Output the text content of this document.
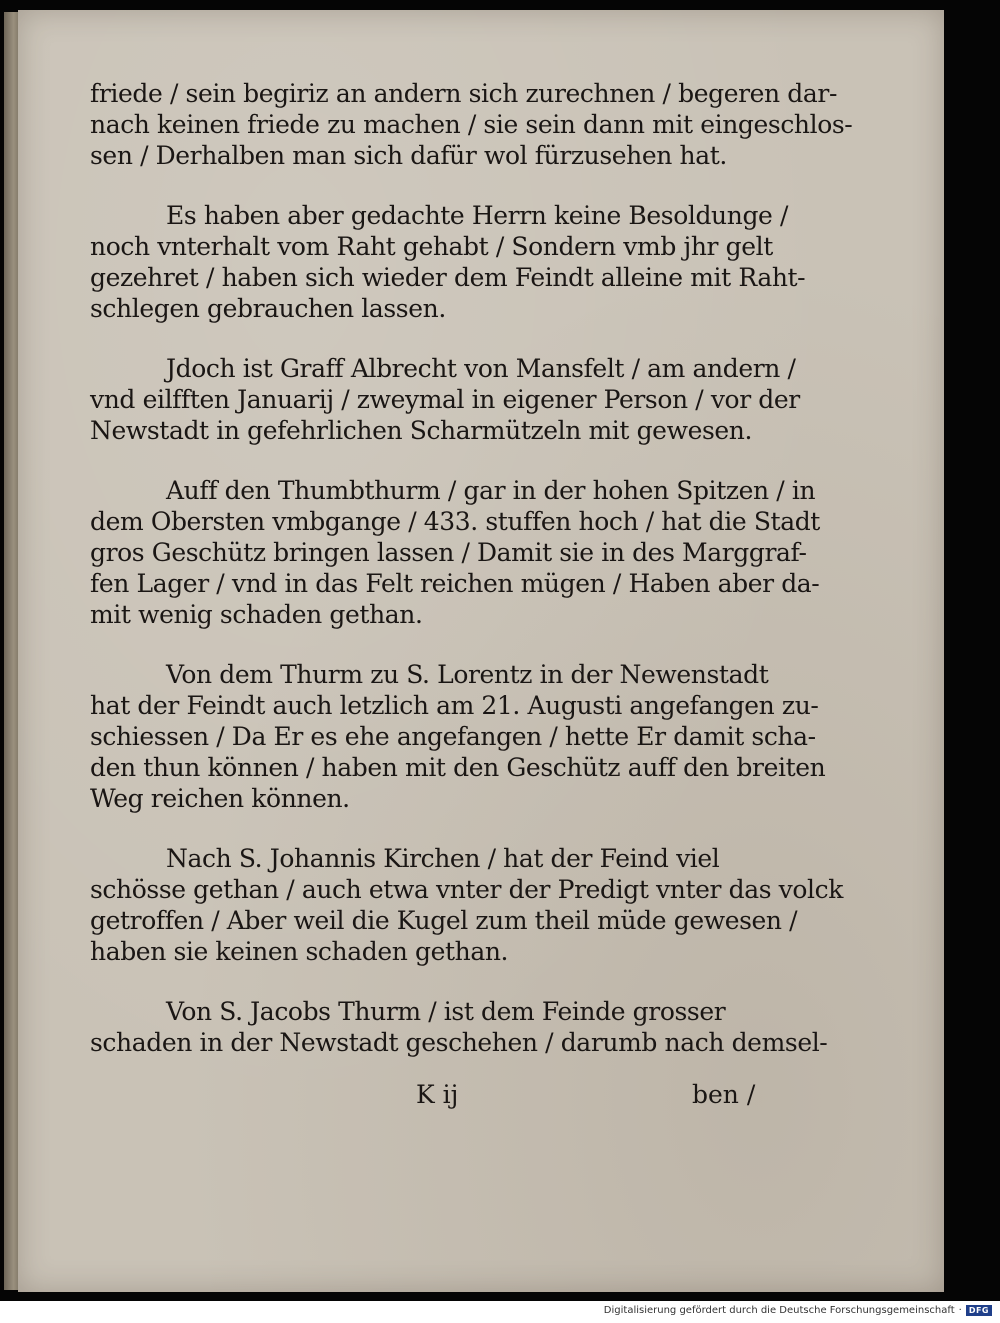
friede / sein begiriz an andern sich zurechnen / begeren dar-
nach keinen friede zu machen / sie sein dann mit eingeschlos-
sen / Derhalben man sich dafür wol fürzusehen hat.
Es haben aber gedachte Herrn keine Besoldunge /
noch vnterhalt vom Raht gehabt / Sondern vmb jhr gelt
gezehret / haben sich wieder dem Feindt alleine mit Raht-
schlegen gebrauchen lassen.
Jdoch ist Graff Albrecht von Mansfelt / am andern /
vnd eilfften Januarij / zweymal in eigener Person / vor der
Newstadt in gefehrlichen Scharmützeln mit gewesen.
Auff den Thumbthurm / gar in der hohen Spitzen / in
dem Obersten vmbgange / 433. stuffen hoch / hat die Stadt
gros Geschütz bringen lassen / Damit sie in des Marggraf-
fen Lager / vnd in das Felt reichen mügen / Haben aber da-
mit wenig schaden gethan.
Von dem Thurm zu S. Lorentz in der Newenstadt
hat der Feindt auch letzlich am 21. Augusti angefangen zu-
schiessen / Da Er es ehe angefangen / hette Er damit scha-
den thun können / haben mit den Geschütz auff den breiten
Weg reichen können.
Nach S. Johannis Kirchen / hat der Feind viel
schösse gethan / auch etwa vnter der Predigt vnter das volck
getroffen / Aber weil die Kugel zum theil müde gewesen /
haben sie keinen schaden gethan.
Von S. Jacobs Thurm / ist dem Feinde grosser
schaden in der Newstadt geschehen / darumb nach demsel-
K ij	ben /
Digitalisierung gefördert durch die Deutsche Forschungsgemeinschaft · DFG
